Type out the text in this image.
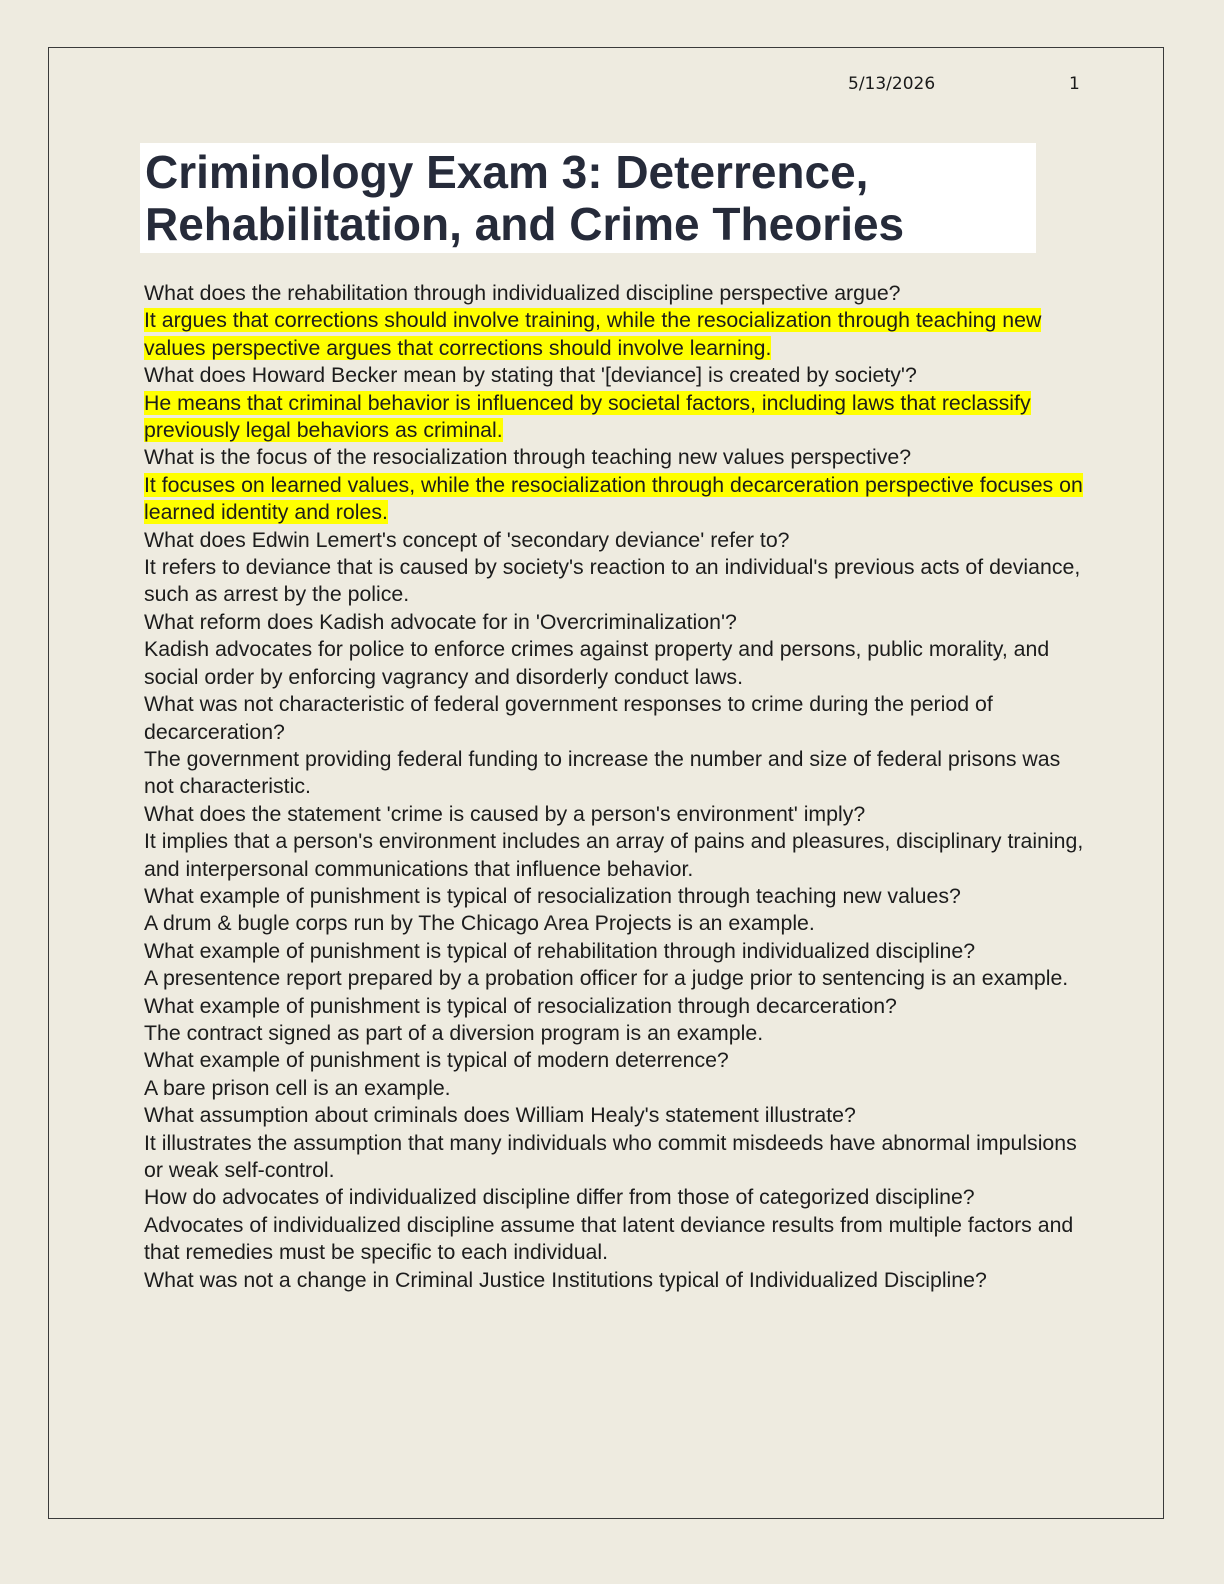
5/13/2026	1
Criminology Exam 3: Deterrence,
Rehabilitation, and Crime Theories

What does the rehabilitation through individualized discipline perspective argue?

It argues that corrections should involve training, while the resocialization through teaching new values perspective argues that corrections should involve learning.

What does Howard Becker mean by stating that '[deviance] is created by society'?

He means that criminal behavior is influenced by societal factors, including laws that reclassify previously legal behaviors as criminal.

What is the focus of the resocialization through teaching new values perspective?

It focuses on learned values, while the resocialization through decarceration perspective focuses on learned identity and roles.

What does Edwin Lemert's concept of 'secondary deviance' refer to?

It refers to deviance that is caused by society's reaction to an individual's previous acts of deviance, such as arrest by the police.

What reform does Kadish advocate for in 'Overcriminalization'?

Kadish advocates for police to enforce crimes against property and persons, public morality, and social order by enforcing vagrancy and disorderly conduct laws.

What was not characteristic of federal government responses to crime during the period of decarceration?

The government providing federal funding to increase the number and size of federal prisons was not characteristic.

What does the statement 'crime is caused by a person's environment' imply?

It implies that a person's environment includes an array of pains and pleasures, disciplinary training, and interpersonal communications that influence behavior.

What example of punishment is typical of resocialization through teaching new values?

A drum & bugle corps run by The Chicago Area Projects is an example.

What example of punishment is typical of rehabilitation through individualized discipline?

A presentence report prepared by a probation officer for a judge prior to sentencing is an example.

What example of punishment is typical of resocialization through decarceration?

The contract signed as part of a diversion program is an example.

What example of punishment is typical of modern deterrence?

A bare prison cell is an example.

What assumption about criminals does William Healy's statement illustrate?

It illustrates the assumption that many individuals who commit misdeeds have abnormal impulsions or weak self-control.

How do advocates of individualized discipline differ from those of categorized discipline?

Advocates of individualized discipline assume that latent deviance results from multiple factors and that remedies must be specific to each individual.

What was not a change in Criminal Justice Institutions typical of Individualized Discipline?
